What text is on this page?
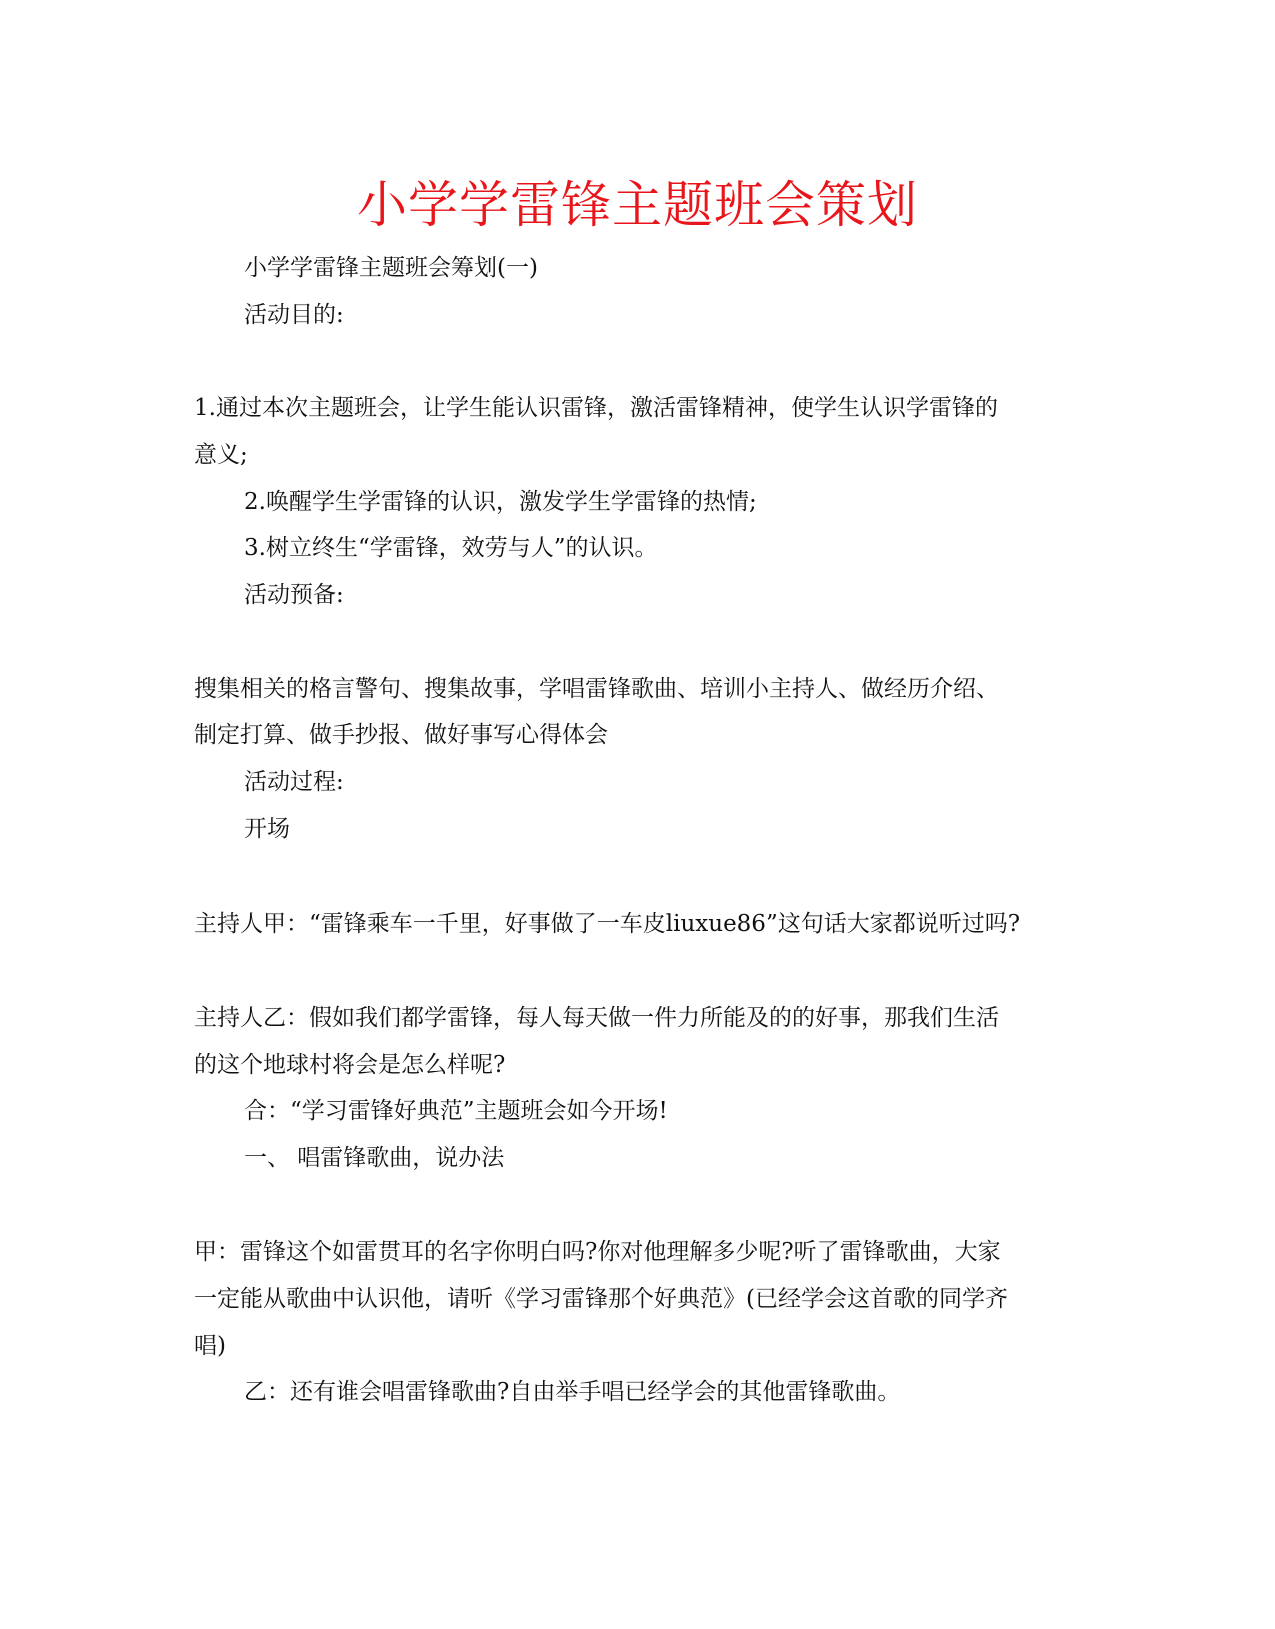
小学学雷锋主题班会策划
小学学雷锋主题班会筹划(一)
活动目的:
1.通过本次主题班会，让学生能认识雷锋，激活雷锋精神，使学生认识学雷锋的
意义;
2.唤醒学生学雷锋的认识，激发学生学雷锋的热情;
3.树立终生“学雷锋，效劳与人”的认识。
活动预备:
搜集相关的格言警句、搜集故事，学唱雷锋歌曲、培训小主持人、做经历介绍、
制定打算、做手抄报、做好事写心得体会
活动过程:
开场
主持人甲：“雷锋乘车一千里，好事做了一车皮liuxue86”这句话大家都说听过吗?
主持人乙：假如我们都学雷锋，每人每天做一件力所能及的的好事，那我们生活
的这个地球村将会是怎么样呢?
合：“学习雷锋好典范”主题班会如今开场!
一、 唱雷锋歌曲，说办法
甲：雷锋这个如雷贯耳的名字你明白吗?你对他理解多少呢?听了雷锋歌曲，大家
一定能从歌曲中认识他，请听《学习雷锋那个好典范》(已经学会这首歌的同学齐
唱)
乙：还有谁会唱雷锋歌曲?自由举手唱已经学会的其他雷锋歌曲。
